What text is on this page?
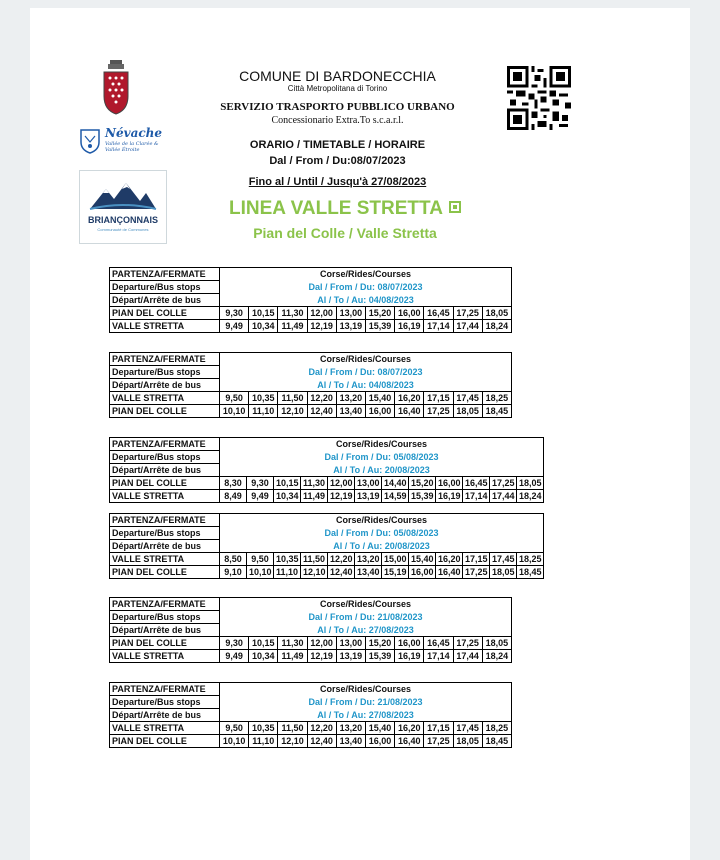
Névache
Vallée de la Clarée & Vallée Étroite
BRIANÇONNAIS
Communauté de Communes
COMUNE DI BARDONECCHIA
Città Metropolitana di Torino
SERVIZIO TRASPORTO PUBBLICO URBANO
Concessionario Extra.To s.c.a.r.l.
ORARIO / TIMETABLE / HORAIRE
Dal / From / Du:08/07/2023
Fino al / Until / Jusqu'à 27/08/2023
LINEA VALLE STRETTA
Pian del Colle / Valle Stretta
PARTENZA/FERMATE	Corse/Rides/Courses									
Departure/Bus stops	Dal / From / Du: 08/07/2023									
Départ/Arrête de bus	Al / To / Au: 04/08/2023									
PIAN DEL COLLE	9,30	10,15	11,30	12,00	13,00	15,20	16,00	16,45	17,25	18,05
VALLE STRETTA	9,49	10,34	11,49	12,19	13,19	15,39	16,19	17,14	17,44	18,24
PARTENZA/FERMATE	Corse/Rides/Courses									
Departure/Bus stops	Dal / From / Du: 08/07/2023									
Départ/Arrête de bus	Al / To / Au: 04/08/2023									
VALLE STRETTA	9,50	10,35	11,50	12,20	13,20	15,40	16,20	17,15	17,45	18,25
PIAN DEL COLLE	10,10	11,10	12,10	12,40	13,40	16,00	16,40	17,25	18,05	18,45
PARTENZA/FERMATE	Corse/Rides/Courses											
Departure/Bus stops	Dal / From / Du: 05/08/2023											
Départ/Arrête de bus	Al / To / Au: 20/08/2023											
PIAN DEL COLLE	8,30	9,30	10,15	11,30	12,00	13,00	14,40	15,20	16,00	16,45	17,25	18,05
VALLE STRETTA	8,49	9,49	10,34	11,49	12,19	13,19	14,59	15,39	16,19	17,14	17,44	18,24
PARTENZA/FERMATE	Corse/Rides/Courses											
Departure/Bus stops	Dal / From / Du: 05/08/2023											
Départ/Arrête de bus	Al / To / Au: 20/08/2023											
VALLE STRETTA	8,50	9,50	10,35	11,50	12,20	13,20	15,00	15,40	16,20	17,15	17,45	18,25
PIAN DEL COLLE	9,10	10,10	11,10	12,10	12,40	13,40	15,19	16,00	16,40	17,25	18,05	18,45
PARTENZA/FERMATE	Corse/Rides/Courses									
Departure/Bus stops	Dal / From / Du: 21/08/2023									
Départ/Arrête de bus	Al / To / Au: 27/08/2023									
PIAN DEL COLLE	9,30	10,15	11,30	12,00	13,00	15,20	16,00	16,45	17,25	18,05
VALLE STRETTA	9,49	10,34	11,49	12,19	13,19	15,39	16,19	17,14	17,44	18,24
PARTENZA/FERMATE	Corse/Rides/Courses									
Departure/Bus stops	Dal / From / Du: 21/08/2023									
Départ/Arrête de bus	Al / To / Au: 27/08/2023									
VALLE STRETTA	9,50	10,35	11,50	12,20	13,20	15,40	16,20	17,15	17,45	18,25
PIAN DEL COLLE	10,10	11,10	12,10	12,40	13,40	16,00	16,40	17,25	18,05	18,45
